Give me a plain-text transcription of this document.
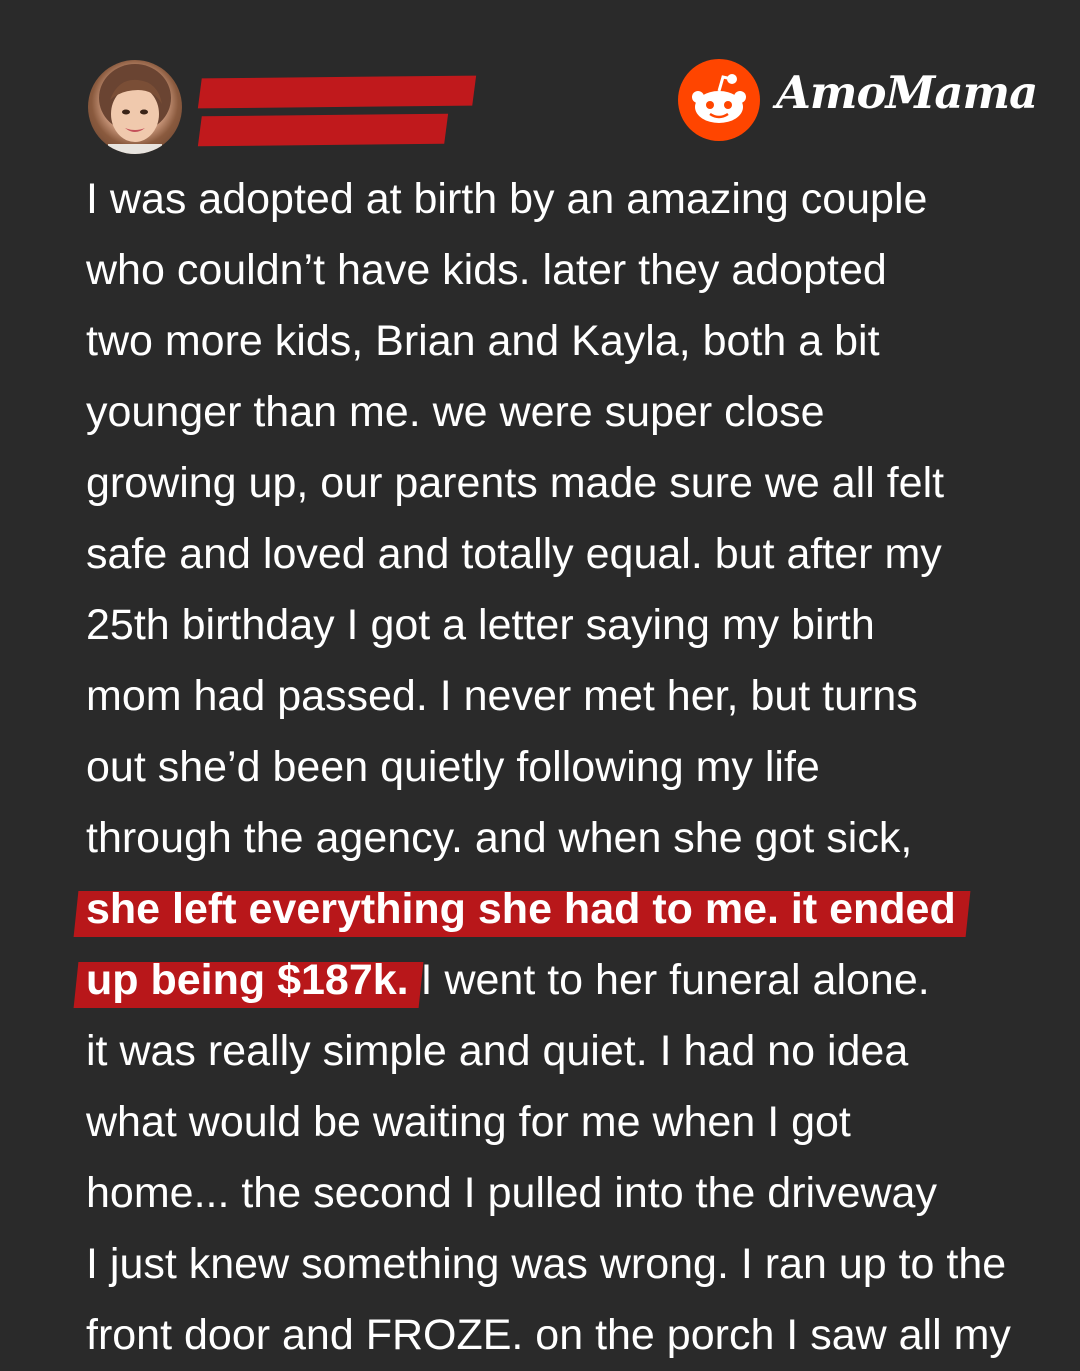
AmoMama
I was adopted at birth by an amazing couple
who couldn’t have kids. later they adopted
two more kids, Brian and Kayla, both a bit
younger than me. we were super close
growing up, our parents made sure we all felt
safe and loved and totally equal. but after my
25th birthday I got a letter saying my birth
mom had passed. I never met her, but turns
out she’d been quietly following my life
through the agency. and when she got sick,
she left everything she had to me. it ended
up being $187k. I went to her funeral alone.
it was really simple and quiet. I had no idea
what would be waiting for me when I got
home... the second I pulled into the driveway
I just knew something was wrong. I ran up to the
front door and FROZE. on the porch I saw all my
